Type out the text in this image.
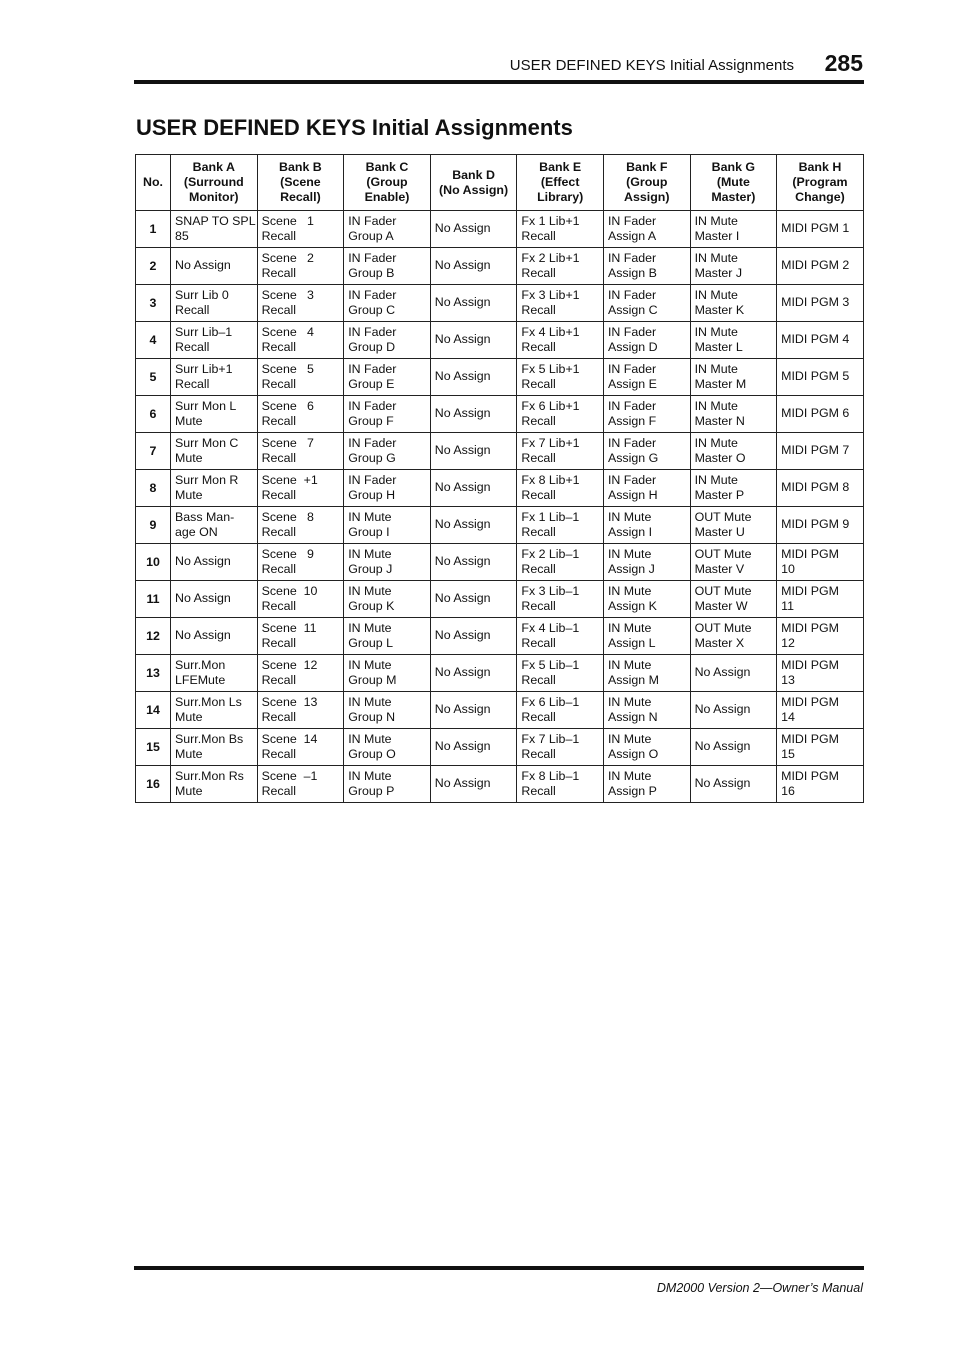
USER DEFINED KEYS Initial Assignments 285
USER DEFINED KEYS Initial Assignments
No.	Bank A
(Surround
Monitor)	Bank B
(Scene
Recall)	Bank C
(Group
Enable)	Bank D
(No Assign)	Bank E
(Effect
Library)	Bank F
(Group
Assign)	Bank G
(Mute
Master)	Bank H
(Program
Change)

1	SNAP TO SPL
85	Scene   1
Recall	IN Fader
Group A	No Assign	Fx 1 Lib+1
Recall	IN Fader
Assign A	IN Mute
Master I	MIDI PGM 1

2	No Assign	Scene   2
Recall	IN Fader
Group B	No Assign	Fx 2 Lib+1
Recall	IN Fader
Assign B	IN Mute
Master J	MIDI PGM 2

3	Surr Lib 0
Recall	Scene   3
Recall	IN Fader
Group C	No Assign	Fx 3 Lib+1
Recall	IN Fader
Assign C	IN Mute
Master K	MIDI PGM 3

4	Surr Lib–1
Recall	Scene   4
Recall	IN Fader
Group D	No Assign	Fx 4 Lib+1
Recall	IN Fader
Assign D	IN Mute
Master L	MIDI PGM 4

5	Surr Lib+1
Recall	Scene   5
Recall	IN Fader
Group E	No Assign	Fx 5 Lib+1
Recall	IN Fader
Assign E	IN Mute
Master M	MIDI PGM 5

6	Surr Mon L
Mute	Scene   6
Recall	IN Fader
Group F	No Assign	Fx 6 Lib+1
Recall	IN Fader
Assign F	IN Mute
Master N	MIDI PGM 6

7	Surr Mon C
Mute	Scene   7
Recall	IN Fader
Group G	No Assign	Fx 7 Lib+1
Recall	IN Fader
Assign G	IN Mute
Master O	MIDI PGM 7

8	Surr Mon R
Mute	Scene  +1
Recall	IN Fader
Group H	No Assign	Fx 8 Lib+1
Recall	IN Fader
Assign H	IN Mute
Master P	MIDI PGM 8

9	Bass Man-
age ON	Scene   8
Recall	IN Mute
Group I	No Assign	Fx 1 Lib–1
Recall	IN Mute
Assign I	OUT Mute
Master U	MIDI PGM 9

10	No Assign	Scene   9
Recall	IN Mute
Group J	No Assign	Fx 2 Lib–1
Recall	IN Mute
Assign J	OUT Mute
Master V	MIDI PGM
10

11	No Assign	Scene  10
Recall	IN Mute
Group K	No Assign	Fx 3 Lib–1
Recall	IN Mute
Assign K	OUT Mute
Master W	MIDI PGM
11

12	No Assign	Scene  11
Recall	IN Mute
Group L	No Assign	Fx 4 Lib–1
Recall	IN Mute
Assign L	OUT Mute
Master X	MIDI PGM
12

13	Surr.Mon
LFEMute	Scene  12
Recall	IN Mute
Group M	No Assign	Fx 5 Lib–1
Recall	IN Mute
Assign M	No Assign	MIDI PGM
13

14	Surr.Mon Ls
Mute	Scene  13
Recall	IN Mute
Group N	No Assign	Fx 6 Lib–1
Recall	IN Mute
Assign N	No Assign	MIDI PGM
14

15	Surr.Mon Bs
Mute	Scene  14
Recall	IN Mute
Group O	No Assign	Fx 7 Lib–1
Recall	IN Mute
Assign O	No Assign	MIDI PGM
15

16	Surr.Mon Rs
Mute	Scene  –1
Recall	IN Mute
Group P	No Assign	Fx 8 Lib–1
Recall	IN Mute
Assign P	No Assign	MIDI PGM
16
DM2000 Version 2—Owner’s Manual
